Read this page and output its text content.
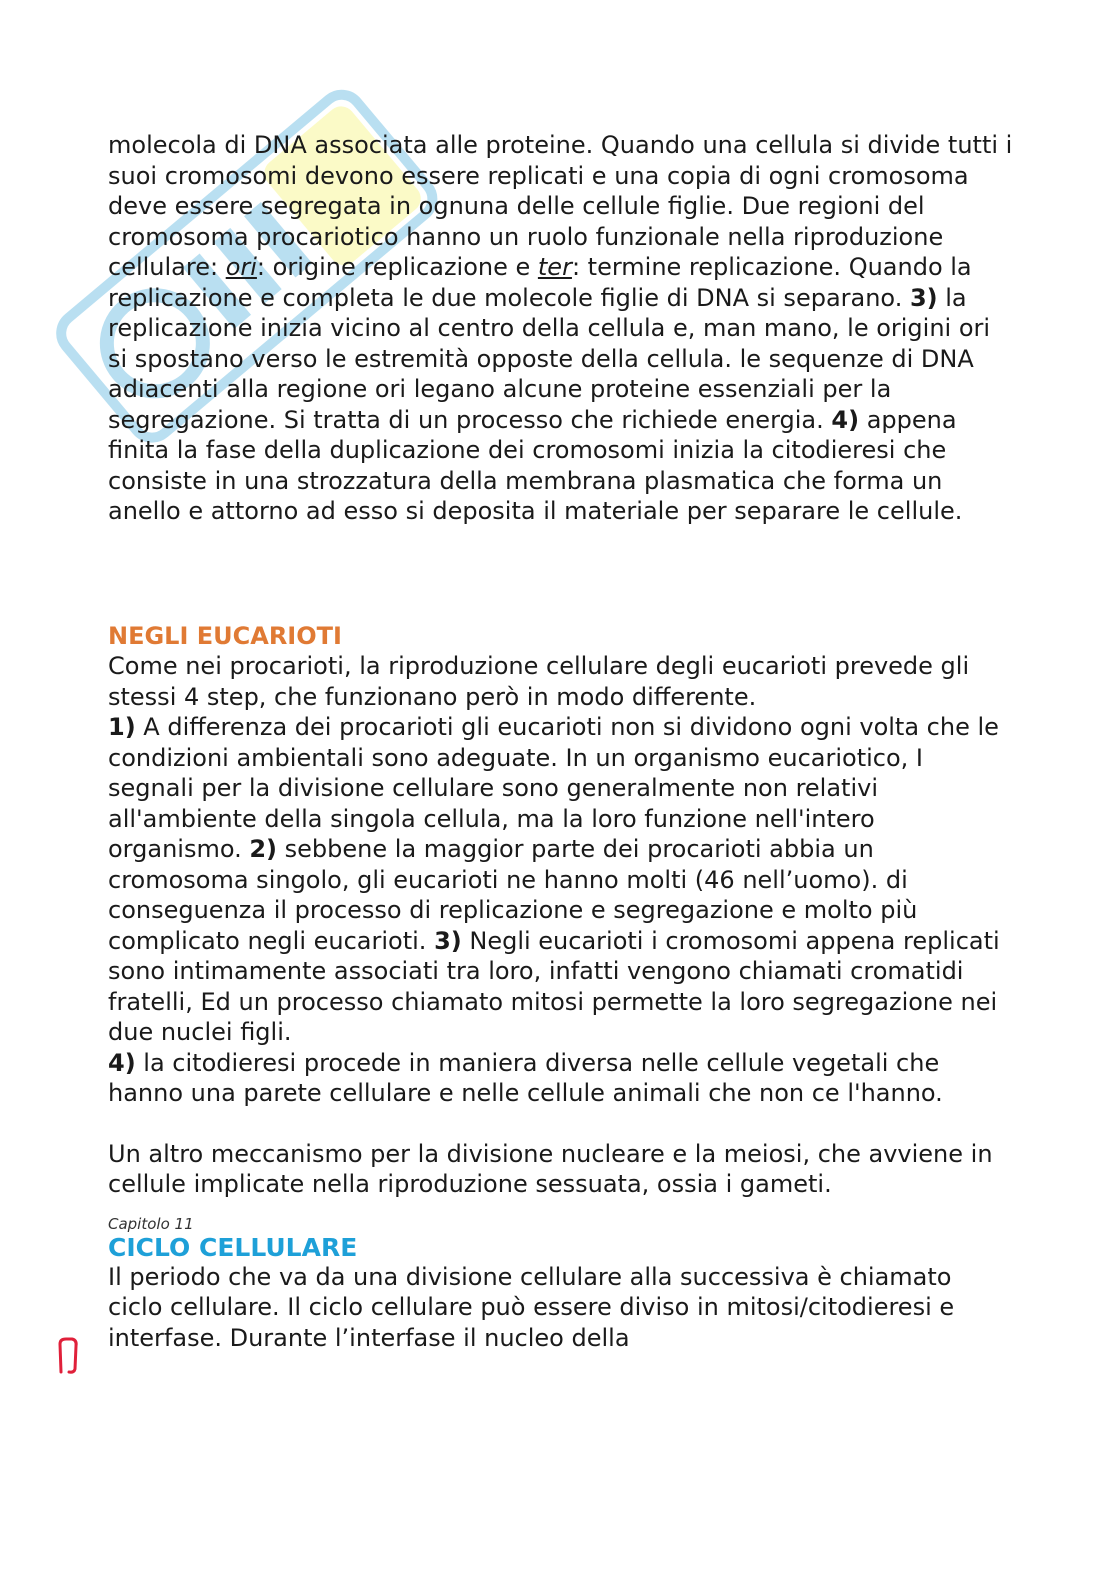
molecola di DNA associata alle proteine. Quando una cellula si divide tutti i suoi cromosomi devono essere replicati e una copia di ogni cromosoma deve essere segregata in ognuna delle cellule figlie. Due regioni del cromosoma procariotico hanno un ruolo funzionale nella riproduzione cellulare: ori: origine replicazione e ter: termine replicazione. Quando la replicazione e completa le due molecole figlie di DNA si separano. 3) la replicazione inizia vicino al centro della cellula e, man mano, le origini ori si spostano verso le estremità opposte della cellula. le sequenze di DNA adiacenti alla regione ori legano alcune proteine essenziali per la segregazione. Si tratta di un processo che richiede energia. 4) appena finita la fase della duplicazione dei cromosomi inizia la citodieresi che consiste in una strozzatura della membrana plasmatica che forma un anello e attorno ad esso si deposita il materiale per separare le cellule.

NEGLI EUCARIOTI

Come nei procarioti, la riproduzione cellulare degli eucarioti prevede gli stessi 4 step, che funzionano però in modo differente.

1) A differenza dei procarioti gli eucarioti non si dividono ogni volta che le condizioni ambientali sono adeguate. In un organismo eucariotico, I segnali per la divisione cellulare sono generalmente non relativi all'ambiente della singola cellula, ma la loro funzione nell'intero organismo. 2) sebbene la maggior parte dei procarioti abbia un cromosoma singolo, gli eucarioti ne hanno molti (46 nell’uomo). di conseguenza il processo di replicazione e segregazione e molto più complicato negli eucarioti. 3) Negli eucarioti i cromosomi appena replicati sono intimamente associati tra loro, infatti vengono chiamati cromatidi fratelli, Ed un processo chiamato mitosi permette la loro segregazione nei due nuclei figli.
4) la citodieresi procede in maniera diversa nelle cellule vegetali che hanno una parete cellulare e nelle cellule animali che non ce l'hanno.

Un altro meccanismo per la divisione nucleare e la meiosi, che avviene in cellule implicate nella riproduzione sessuata, ossia i gameti.

Capitolo 11
CICLO CELLULARE

Il periodo che va da una divisione cellulare alla successiva è chiamato ciclo cellulare. Il ciclo cellulare può essere diviso in mitosi/citodieresi e interfase. Durante l’interfase il nucleo della
